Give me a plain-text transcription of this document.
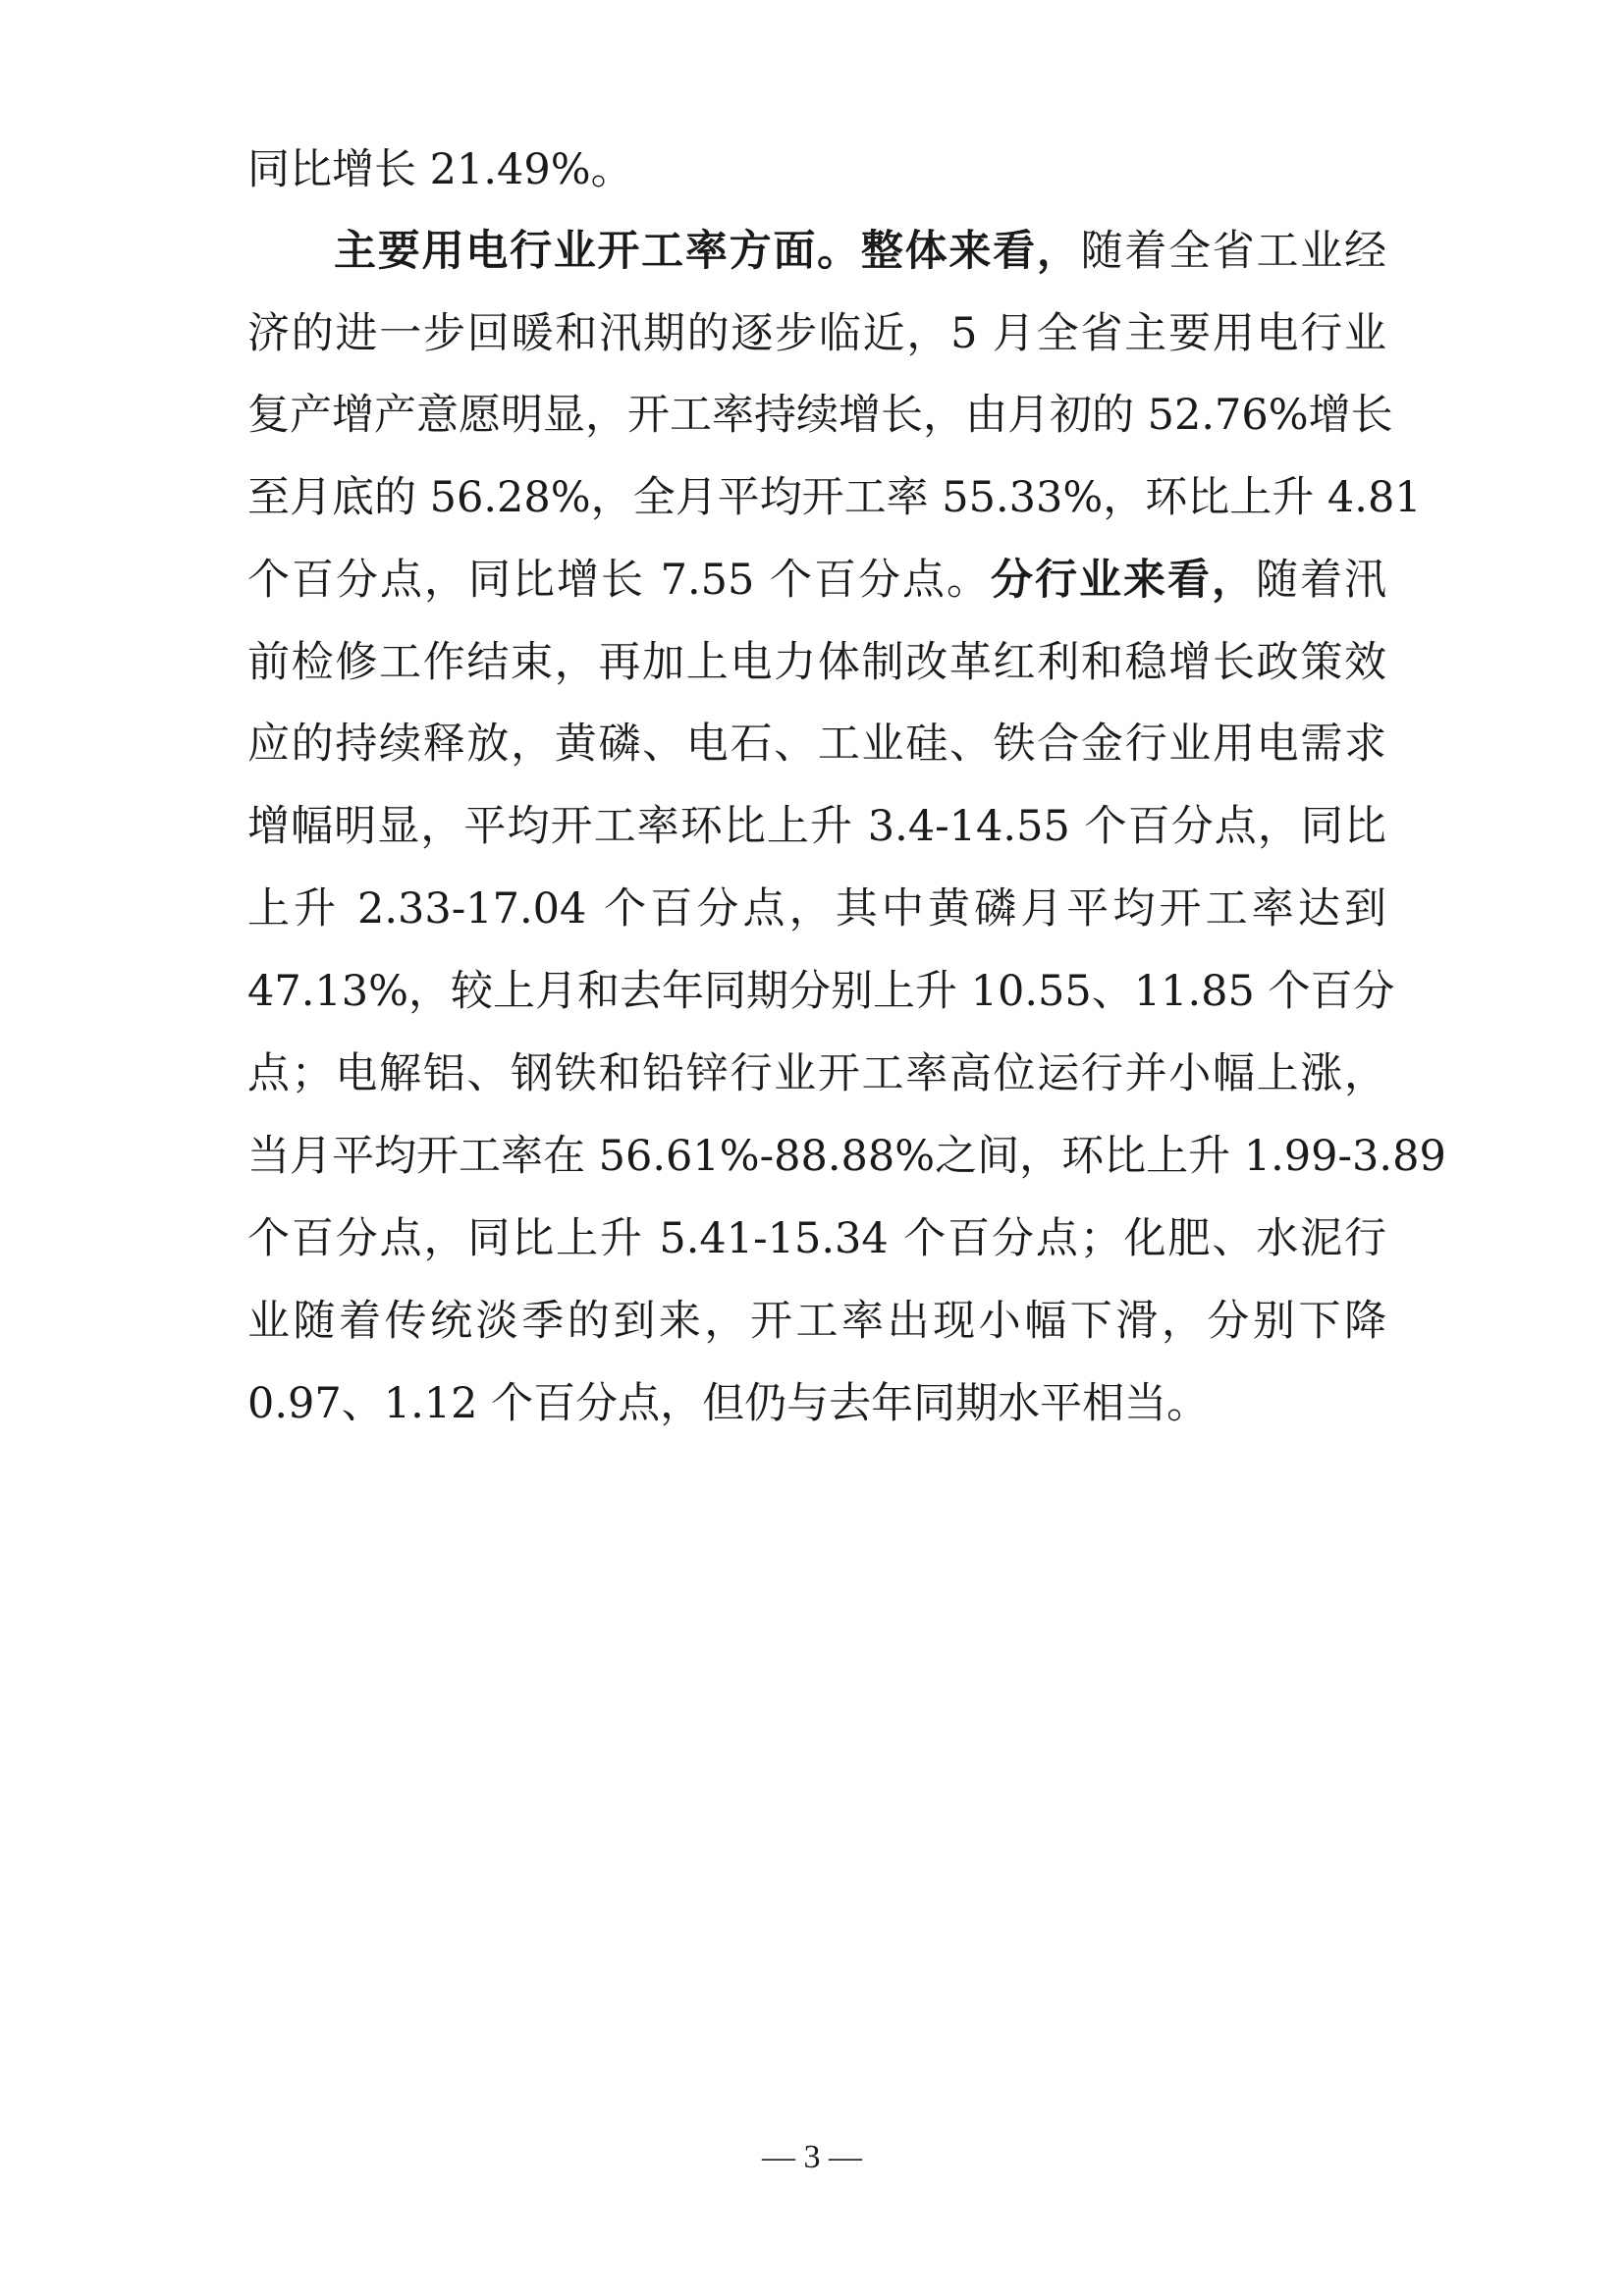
同比增长 21.49%。

主要用电行业开工率方面。整体来看，随着全省工业经

济的进一步回暖和汛期的逐步临近，5 月全省主要用电行业

复产增产意愿明显，开工率持续增长，由月初的 52.76%增长

至月底的 56.28%，全月平均开工率 55.33%，环比上升 4.81

个百分点，同比增长 7.55 个百分点。分行业来看，随着汛

前检修工作结束，再加上电力体制改革红利和稳增长政策效

应的持续释放，黄磷、电石、工业硅、铁合金行业用电需求

增幅明显，平均开工率环比上升 3.4-14.55 个百分点，同比

上升 2.33-17.04 个百分点，其中黄磷月平均开工率达到

47.13%，较上月和去年同期分别上升 10.55、11.85 个百分

点；电解铝、钢铁和铅锌行业开工率高位运行并小幅上涨，

当月平均开工率在 56.61%-88.88%之间，环比上升 1.99-3.89

个百分点，同比上升 5.41-15.34 个百分点；化肥、水泥行

业随着传统淡季的到来，开工率出现小幅下滑，分别下降

0.97、1.12 个百分点，但仍与去年同期水平相当。

— 3 —
